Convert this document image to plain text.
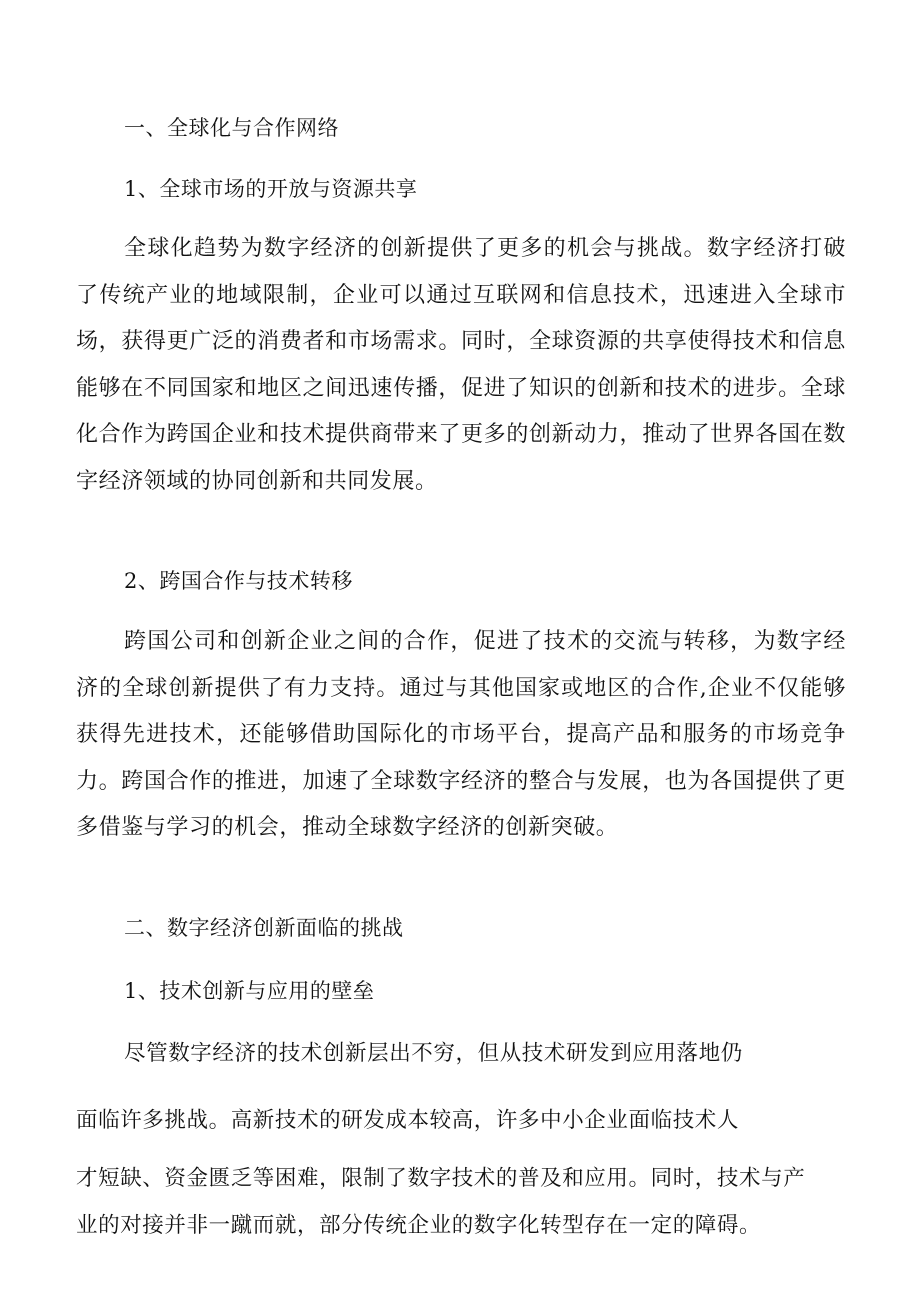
一、全球化与合作网络
1、全球市场的开放与资源共享

全球化趋势为数字经济的创新提供了更多的机会与挑战。数字经济打破了传统产业的地域限制，企业可以通过互联网和信息技术，迅速进入全球市场，获得更广泛的消费者和市场需求。同时，全球资源的共享使得技术和信息能够在不同国家和地区之间迅速传播，促进了知识的创新和技术的进步。全球化合作为跨国企业和技术提供商带来了更多的创新动力，推动了世界各国在数字经济领域的协同创新和共同发展。

2、跨国合作与技术转移

跨国公司和创新企业之间的合作，促进了技术的交流与转移，为数字经济的全球创新提供了有力支持。通过与其他国家或地区的合作,企业不仅能够获得先进技术，还能够借助国际化的市场平台，提高产品和服务的市场竞争力。跨国合作的推进，加速了全球数字经济的整合与发展，也为各国提供了更多借鉴与学习的机会，推动全球数字经济的创新突破。

二、数字经济创新面临的挑战
1、技术创新与应用的壁垒
尽管数字经济的技术创新层出不穷，但从技术研发到应用落地仍
面临许多挑战。高新技术的研发成本较高，许多中小企业面临技术人
才短缺、资金匮乏等困难，限制了数字技术的普及和应用。同时，技术与产
业的对接并非一蹴而就，部分传统企业的数字化转型存在一定的障碍。
